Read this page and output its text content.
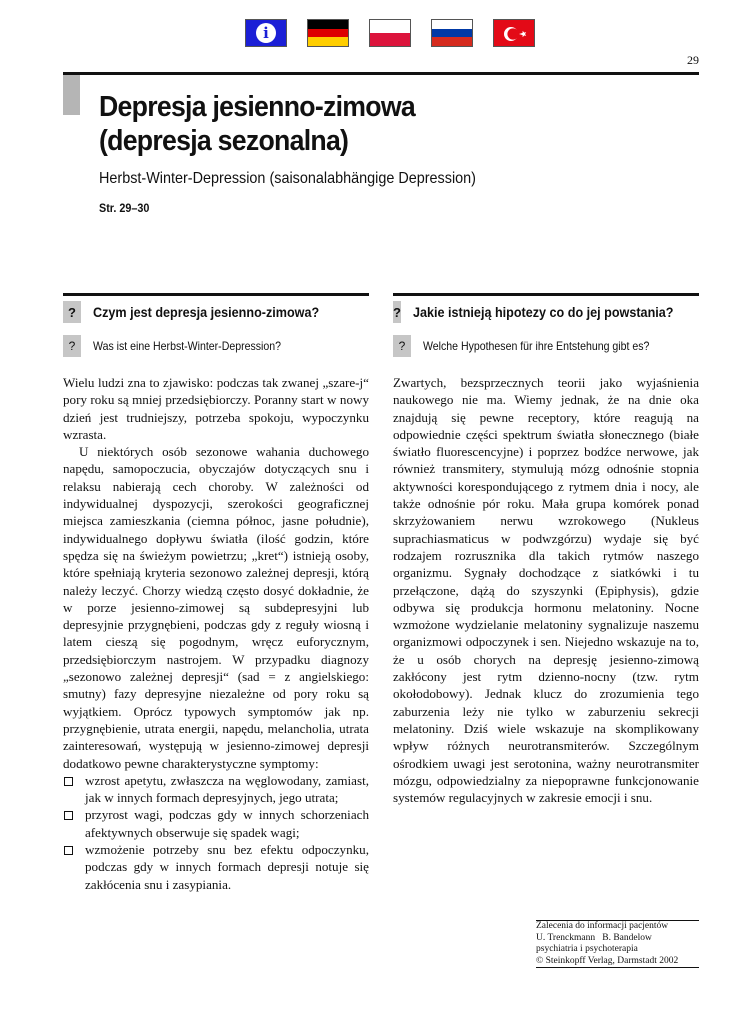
i
29
Depresja jesienno-zimowa
(depresja sezonalna)
Herbst-Winter-Depression (saisonalabhängige Depression)
Str. 29–30
?	Czym jest depresja jesienno-zimowa?
?	Was ist eine Herbst-Winter-Depression?
? Jakie istnieją hipotezy co do jej powstania?
?	Welche Hypothesen für ihre Entstehung gibt es?

Wielu ludzi zna to zjawisko: podczas tak zwanej „szare-j“ pory roku są mniej przedsiębiorczy. Poranny start w nowy dzień jest trudniejszy, potrzeba spokoju, wypoczynku wzrasta.

U niektórych osób sezonowe wahania duchowego napędu, samopoczucia, obyczajów dotyczących snu i relaksu nabierają cech choroby. W zależności od indywidualnej dyspozycji, szerokości geograficznej miejsca zamieszkania (ciemna północ, jasne południe), indywidualnego dopływu światła (ilość godzin, które spędza się na świeżym powietrzu; „kret“) istnieją osoby, które spełniają kryteria sezonowo zależnej depresji, którą należy leczyć. Chorzy wiedzą często dosyć dokładnie, że w porze jesienno-zimowej są subdepresyjni lub depresyjnie przygnębieni, podczas gdy z reguły wiosną i latem cieszą się pogodnym, wręcz euforycznym, przedsiębiorczym nastrojem. W przypadku diagnozy „sezonowo zależnej depresji“ (sad = z angielskiego: smutny) fazy depresyjne niezależne od pory roku są wyjątkiem. Oprócz typowych symptomów jak np. przygnębienie, utrata energii, napędu, melancholia, utrata zainteresowań, występują w jesienno-zimowej depresji dodatkowo pewne charakterystyczne symptomy:

wzrost apetytu, zwłaszcza na węglowodany, zamiast, jak w innych formach depresyjnych, jego utrata;
przyrost wagi, podczas gdy w innych schorzeniach afektywnych obserwuje się spadek wagi;
wzmożenie potrzeby snu bez efektu odpoczynku, podczas gdy w innych formach depresji notuje się zakłócenia snu i zasypiania.

Zwartych, bezsprzecznych teorii jako wyjaśnienia naukowego nie ma. Wiemy jednak, że na dnie oka znajdują się pewne receptory, które reagują na odpowiednie części spektrum światła słonecznego (białe światło fluorescencyjne) i poprzez bodźce nerwowe, jak również transmitery, stymulują mózg odnośnie stopnia aktywności korespondującego z rytmem dnia i nocy, ale także odnośnie pór roku. Mała grupa komórek ponad skrzyżowaniem nerwu wzrokowego (Nukleus suprachiasmaticus w podwzgórzu) wydaje się być rodzajem rozrusznika dla takich rytmów naszego organizmu. Sygnały dochodzące z siatkówki i tu przełączone, dążą do szyszynki (Epiphysis), gdzie odbywa się produkcja hormonu melatoniny. Nocne wzmożone wydzielanie melatoniny sygnalizuje naszemu organizmowi odpoczynek i sen. Niejedno wskazuje na to, że u osób chorych na depresję jesienno-zimową zakłócony jest rytm dzienno-nocny (tzw. rytm okołodobowy). Jednak klucz do zrozumienia tego zaburzenia leży nie tylko w zaburzeniu sekrecji melatoniny. Dziś wiele wskazuje na skomplikowany wpływ różnych neurotransmiterów. Szczególnym ośrodkiem uwagi jest serotonina, ważny neurotransmiter mózgu, odpowiedzialny za niepoprawne funkcjonowanie systemów regulacyjnych w zakresie emocji i snu.

Zalecenia do informacji pacjentów
U. Trenckmann   B. Bandelow
psychiatria i psychoterapia
© Steinkopff Verlag, Darmstadt 2002
